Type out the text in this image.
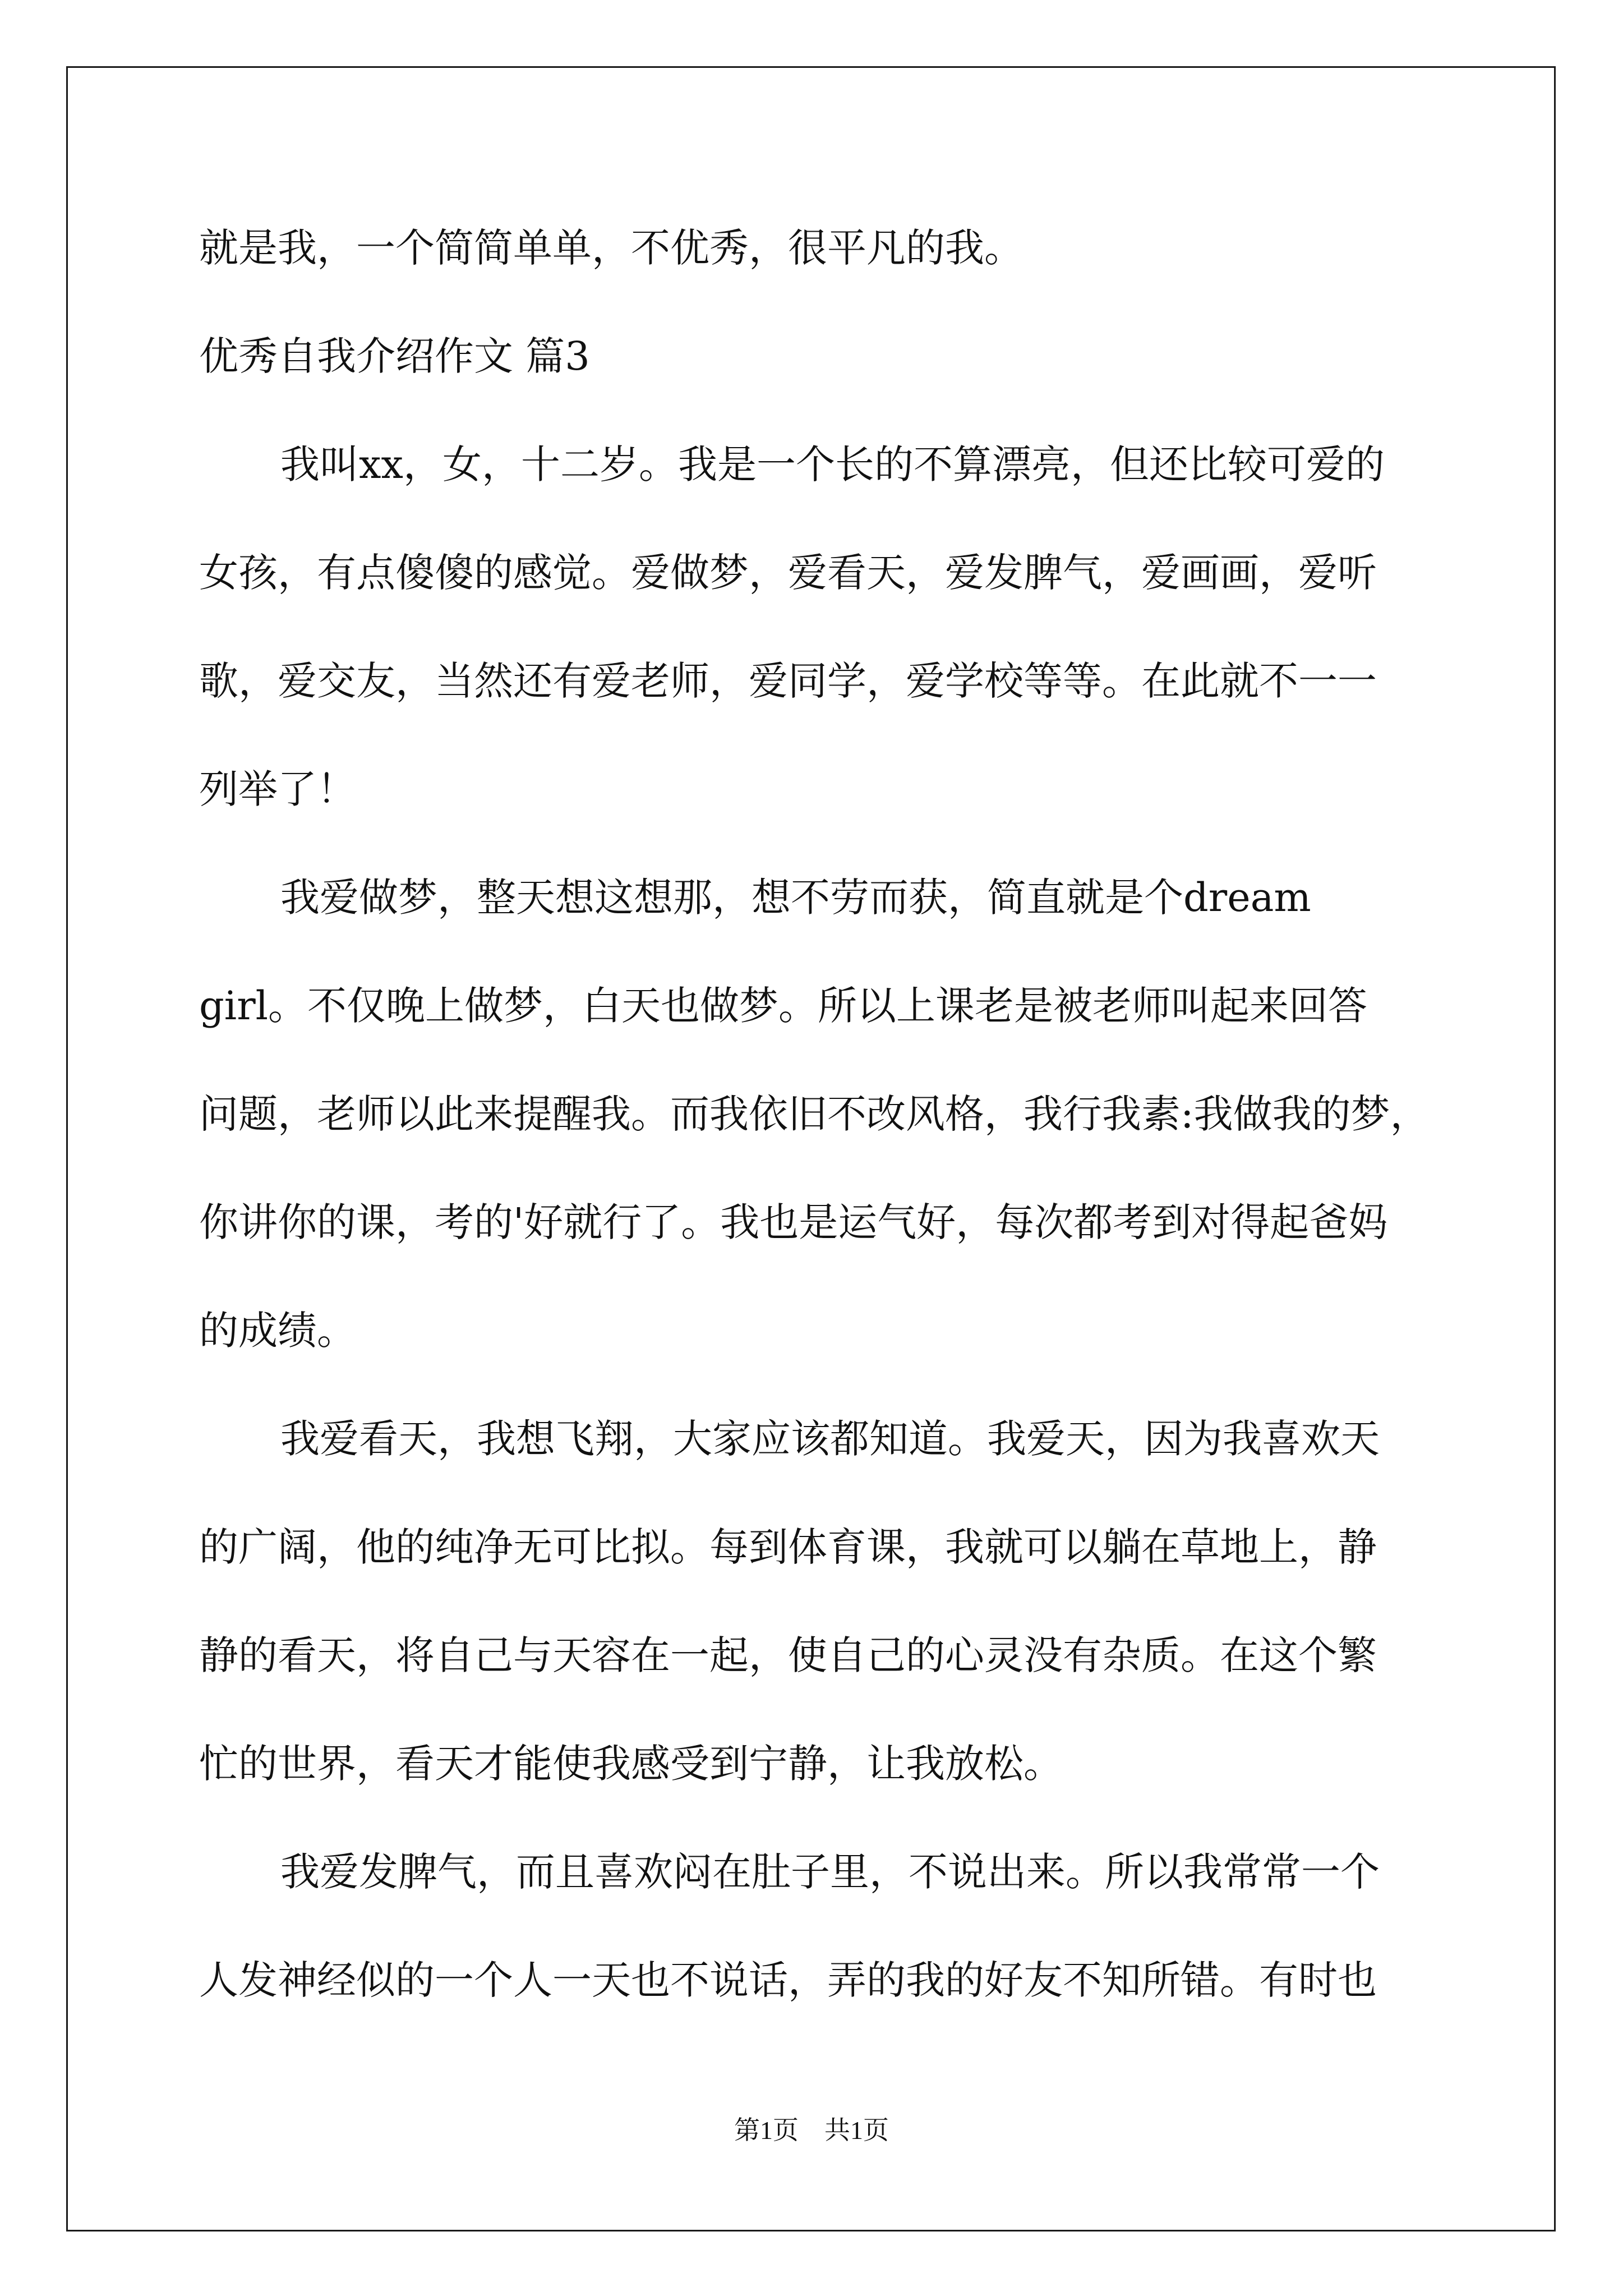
就是我，一个简简单单，不优秀，很平凡的我。

优秀自我介绍作文 篇3

我叫xx，女，十二岁。我是一个长的不算漂亮，但还比较可爱的

女孩，有点傻傻的感觉。爱做梦，爱看天，爱发脾气，爱画画，爱听

歌，爱交友，当然还有爱老师，爱同学，爱学校等等。在此就不一一

列举了！

我爱做梦，整天想这想那，想不劳而获，简直就是个dream

girl。不仅晚上做梦，白天也做梦。所以上课老是被老师叫起来回答

问题，老师以此来提醒我。而我依旧不改风格，我行我素:我做我的梦，

你讲你的课，考的'好就行了。我也是运气好，每次都考到对得起爸妈

的成绩。

我爱看天，我想飞翔，大家应该都知道。我爱天，因为我喜欢天

的广阔，他的纯净无可比拟。每到体育课，我就可以躺在草地上，静

静的看天，将自己与天容在一起，使自己的心灵没有杂质。在这个繁

忙的世界，看天才能使我感受到宁静，让我放松。

我爱发脾气，而且喜欢闷在肚子里，不说出来。所以我常常一个

人发神经似的一个人一天也不说话，弄的我的好友不知所错。有时也

第1页　共1页
